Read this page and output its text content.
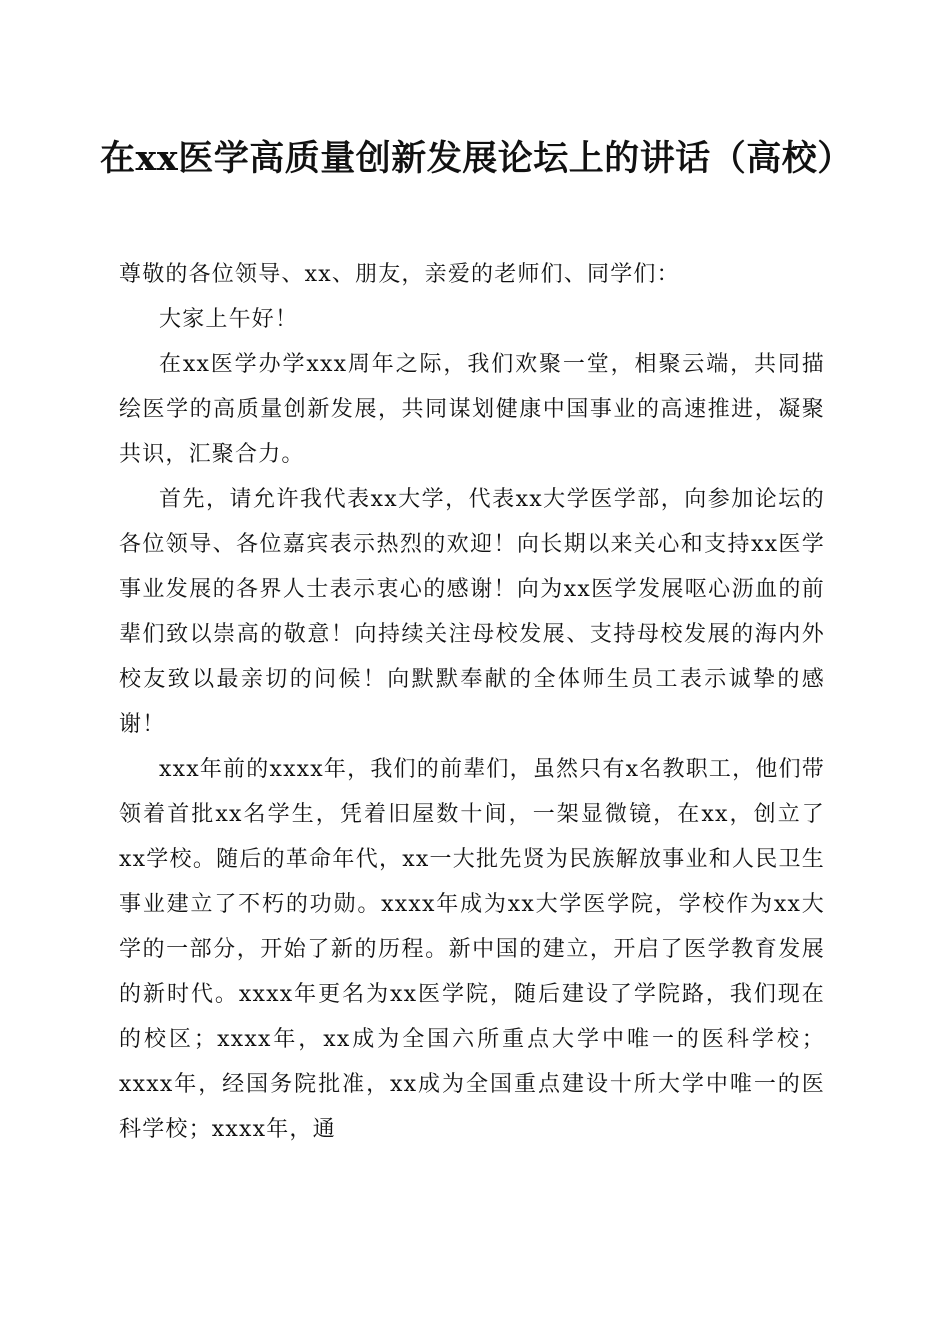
在xx医学高质量创新发展论坛上的讲话（高校）

尊敬的各位领导、xx、朋友，亲爱的老师们、同学们：

大家上午好！

在xx医学办学xxx周年之际，我们欢聚一堂，相聚云端，共同描绘医学的高质量创新发展，共同谋划健康中国事业的高速推进，凝聚共识，汇聚合力。

首先，请允许我代表xx大学，代表xx大学医学部，向参加论坛的各位领导、各位嘉宾表示热烈的欢迎！向长期以来关心和支持xx医学事业发展的各界人士表示衷心的感谢！向为xx医学发展呕心沥血的前辈们致以崇高的敬意！向持续关注母校发展、支持母校发展的海内外校友致以最亲切的问候！向默默奉献的全体师生员工表示诚挚的感谢！

xxx年前的xxxx年，我们的前辈们，虽然只有x名教职工，他们带领着首批xx名学生，凭着旧屋数十间，一架显微镜，在xx，创立了xx学校。随后的革命年代，xx一大批先贤为民族解放事业和人民卫生事业建立了不朽的功勋。xxxx年成为xx大学医学院，学校作为xx大学的一部分，开始了新的历程。新中国的建立，开启了医学教育发展的新时代。xxxx年更名为xx医学院，随后建设了学院路，我们现在的校区；xxxx年，xx成为全国六所重点大学中唯一的医科学校；xxxx年，经国务院批准，xx成为全国重点建设十所大学中唯一的医科学校；xxxx年，通
